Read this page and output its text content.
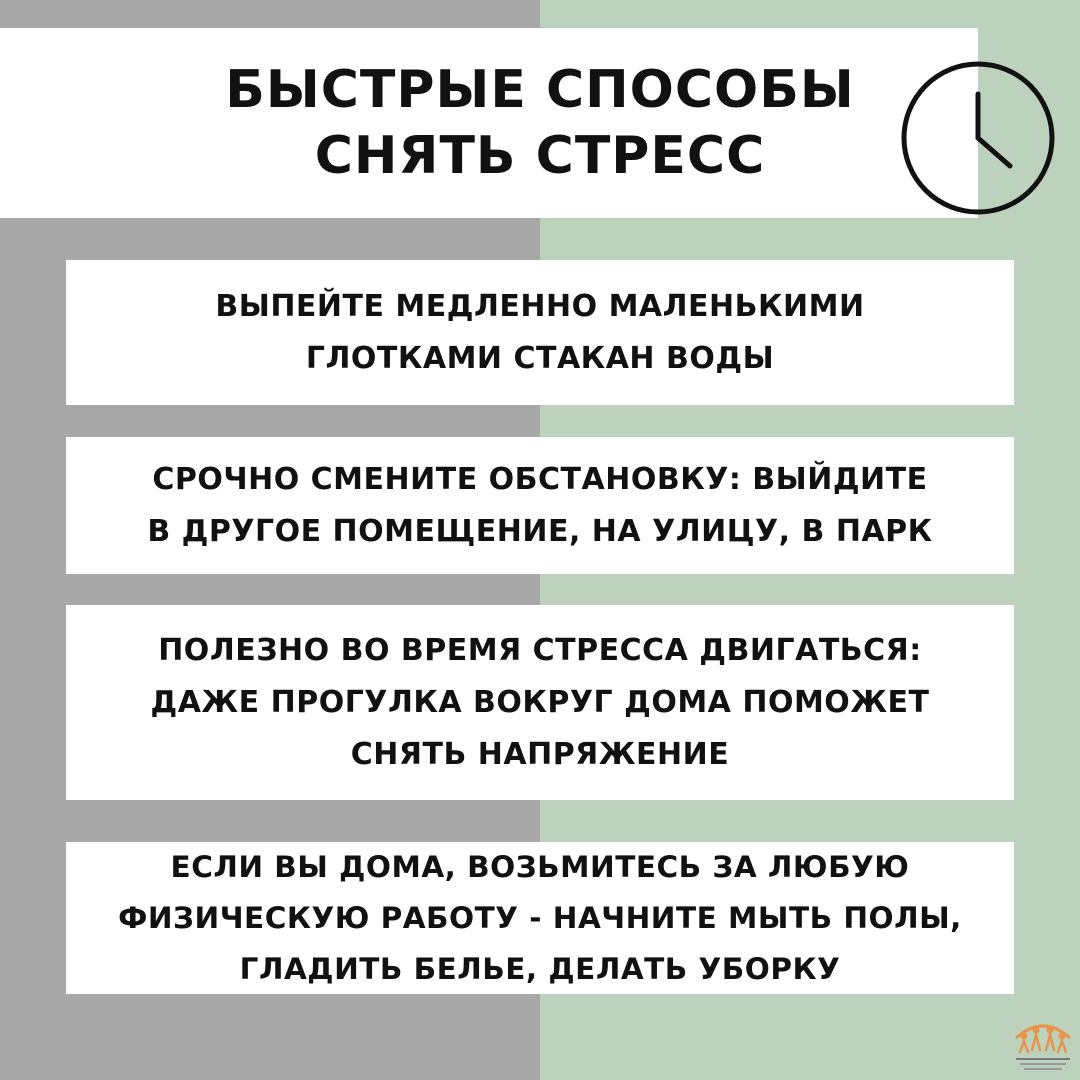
БЫСТРЫЕ СПОСОБЫ
СНЯТЬ СТРЕСС
ВЫПЕЙТЕ МЕДЛЕННО МАЛЕНЬКИМИ
ГЛОТКАМИ СТАКАН ВОДЫ
СРОЧНО СМЕНИТЕ ОБСТАНОВКУ: ВЫЙДИТЕ
В ДРУГОЕ ПОМЕЩЕНИЕ, НА УЛИЦУ, В ПАРК
ПОЛЕЗНО ВО ВРЕМЯ СТРЕССА ДВИГАТЬСЯ:
ДАЖЕ ПРОГУЛКА ВОКРУГ ДОМА ПОМОЖЕТ
СНЯТЬ НАПРЯЖЕНИЕ
ЕСЛИ ВЫ ДОМА, ВОЗЬМИТЕСЬ ЗА ЛЮБУЮ
ФИЗИЧЕСКУЮ РАБОТУ - НАЧНИТЕ МЫТЬ ПОЛЫ,
ГЛАДИТЬ БЕЛЬЕ, ДЕЛАТЬ УБОРКУ
